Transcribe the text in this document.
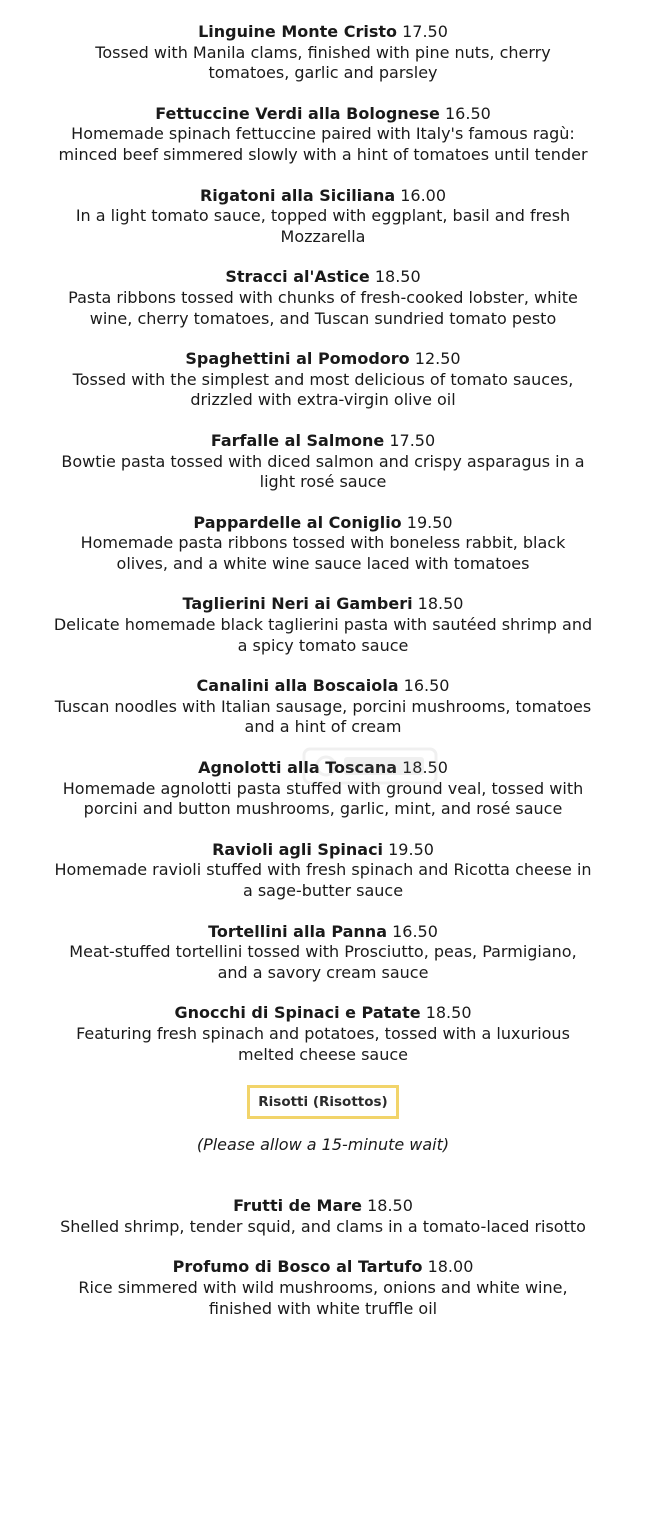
Linguine Monte Cristo 17.50
Tossed with Manila clams, finished with pine nuts, cherry tomatoes, garlic and parsley
Fettuccine Verdi alla Bolognese 16.50
Homemade spinach fettuccine paired with Italy's famous ragù:
minced beef simmered slowly with a hint of tomatoes until tender
Rigatoni alla Siciliana 16.00
In a light tomato sauce, topped with eggplant, basil and fresh Mozzarella
Stracci al'Astice 18.50
Pasta ribbons tossed with chunks of fresh-cooked lobster, white wine, cherry tomatoes, and Tuscan sundried tomato pesto
Spaghettini al Pomodoro 12.50
Tossed with the simplest and most delicious of tomato sauces, drizzled with extra-virgin olive oil
Farfalle al Salmone 17.50
Bowtie pasta tossed with diced salmon and crispy asparagus in a light rosé sauce
Pappardelle al Coniglio 19.50
Homemade pasta ribbons tossed with boneless rabbit, black olives, and a white wine sauce laced with tomatoes
Taglierini Neri ai Gamberi 18.50
Delicate homemade black taglierini pasta with sautéed shrimp and a spicy tomato sauce
Canalini alla Boscaiola 16.50
Tuscan noodles with Italian sausage, porcini mushrooms, tomatoes and a hint of cream
Agnolotti alla Toscana 18.50
Homemade agnolotti pasta stuffed with ground veal, tossed with porcini and button mushrooms, garlic, mint, and rosé sauce
Ravioli agli Spinaci 19.50
Homemade ravioli stuffed with fresh spinach and Ricotta cheese in a sage-butter sauce
Tortellini alla Panna 16.50
Meat-stuffed tortellini tossed with Prosciutto, peas, Parmigiano, and a savory cream sauce
Gnocchi di Spinaci e Patate 18.50
Featuring fresh spinach and potatoes, tossed with a luxurious melted cheese sauce
Risotti (Risottos)
(Please allow a 15-minute wait)
Frutti de Mare 18.50
Shelled shrimp, tender squid, and clams in a tomato-laced risotto
Profumo di Bosco al Tartufo 18.00
Rice simmered with wild mushrooms, onions and white wine, finished with white truffle oil
